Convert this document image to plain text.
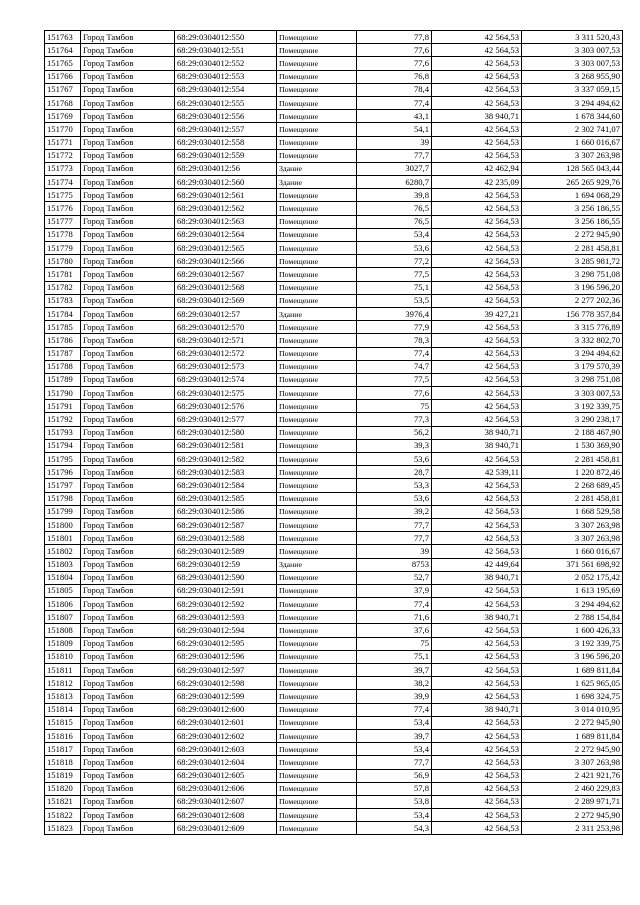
151763	Город Тамбов	68:29:0304012:550	Помещение	77,8	42 564,53	3 311 520,43
151764	Город Тамбов	68:29:0304012:551	Помещение	77,6	42 564,53	3 303 007,53
151765	Город Тамбов	68:29:0304012:552	Помещение	77,6	42 564,53	3 303 007,53
151766	Город Тамбов	68:29:0304012:553	Помещение	76,8	42 564,53	3 268 955,90
151767	Город Тамбов	68:29:0304012:554	Помещение	78,4	42 564,53	3 337 059,15
151768	Город Тамбов	68:29:0304012:555	Помещение	77,4	42 564,53	3 294 494,62
151769	Город Тамбов	68:29:0304012:556	Помещение	43,1	38 940,71	1 678 344,60
151770	Город Тамбов	68:29:0304012:557	Помещение	54,1	42 564,53	2 302 741,07
151771	Город Тамбов	68:29:0304012:558	Помещение	39	42 564,53	1 660 016,67
151772	Город Тамбов	68:29:0304012:559	Помещение	77,7	42 564,53	3 307 263,98
151773	Город Тамбов	68:29:0304012:56	Здание	3027,7	42 462,94	128 565 043,44
151774	Город Тамбов	68:29:0304012:560	Здание	6280,7	42 235,09	265 265 929,76
151775	Город Тамбов	68:29:0304012:561	Помещение	39,8	42 564,53	1 694 068,29
151776	Город Тамбов	68:29:0304012:562	Помещение	76,5	42 564,53	3 256 186,55
151777	Город Тамбов	68:29:0304012:563	Помещение	76,5	42 564,53	3 256 186,55
151778	Город Тамбов	68:29:0304012:564	Помещение	53,4	42 564,53	2 272 945,90
151779	Город Тамбов	68:29:0304012:565	Помещение	53,6	42 564,53	2 281 458,81
151780	Город Тамбов	68:29:0304012:566	Помещение	77,2	42 564,53	3 285 981,72
151781	Город Тамбов	68:29:0304012:567	Помещение	77,5	42 564,53	3 298 751,08
151782	Город Тамбов	68:29:0304012:568	Помещение	75,1	42 564,53	3 196 596,20
151783	Город Тамбов	68:29:0304012:569	Помещение	53,5	42 564,53	2 277 202,36
151784	Город Тамбов	68:29:0304012:57	Здание	3976,4	39 427,21	156 778 357,84
151785	Город Тамбов	68:29:0304012:570	Помещение	77,9	42 564,53	3 315 776,89
151786	Город Тамбов	68:29:0304012:571	Помещение	78,3	42 564,53	3 332 802,70
151787	Город Тамбов	68:29:0304012:572	Помещение	77,4	42 564,53	3 294 494,62
151788	Город Тамбов	68:29:0304012:573	Помещение	74,7	42 564,53	3 179 570,39
151789	Город Тамбов	68:29:0304012:574	Помещение	77,5	42 564,53	3 298 751,08
151790	Город Тамбов	68:29:0304012:575	Помещение	77,6	42 564,53	3 303 007,53
151791	Город Тамбов	68:29:0304012:576	Помещение	75	42 564,53	3 192 339,75
151792	Город Тамбов	68:29:0304012:577	Помещение	77,3	42 564,53	3 290 238,17
151793	Город Тамбов	68:29:0304012:580	Помещение	56,2	38 940,71	2 188 467,90
151794	Город Тамбов	68:29:0304012:581	Помещение	39,3	38 940,71	1 530 369,90
151795	Город Тамбов	68:29:0304012:582	Помещение	53,6	42 564,53	2 281 458,81
151796	Город Тамбов	68:29:0304012:583	Помещение	28,7	42 539,11	1 220 872,46
151797	Город Тамбов	68:29:0304012:584	Помещение	53,3	42 564,53	2 268 689,45
151798	Город Тамбов	68:29:0304012:585	Помещение	53,6	42 564,53	2 281 458,81
151799	Город Тамбов	68:29:0304012:586	Помещение	39,2	42 564,53	1 668 529,58
151800	Город Тамбов	68:29:0304012:587	Помещение	77,7	42 564,53	3 307 263,98
151801	Город Тамбов	68:29:0304012:588	Помещение	77,7	42 564,53	3 307 263,98
151802	Город Тамбов	68:29:0304012:589	Помещение	39	42 564,53	1 660 016,67
151803	Город Тамбов	68:29:0304012:59	Здание	8753	42 449,64	371 561 698,92
151804	Город Тамбов	68:29:0304012:590	Помещение	52,7	38 940,71	2 052 175,42
151805	Город Тамбов	68:29:0304012:591	Помещение	37,9	42 564,53	1 613 195,69
151806	Город Тамбов	68:29:0304012:592	Помещение	77,4	42 564,53	3 294 494,62
151807	Город Тамбов	68:29:0304012:593	Помещение	71,6	38 940,71	2 788 154,84
151808	Город Тамбов	68:29:0304012:594	Помещение	37,6	42 564,53	1 600 426,33
151809	Город Тамбов	68:29:0304012:595	Помещение	75	42 564,53	3 192 339,75
151810	Город Тамбов	68:29:0304012:596	Помещение	75,1	42 564,53	3 196 596,20
151811	Город Тамбов	68:29:0304012:597	Помещение	39,7	42 564,53	1 689 811,84
151812	Город Тамбов	68:29:0304012:598	Помещение	38,2	42 564,53	1 625 965,05
151813	Город Тамбов	68:29:0304012:599	Помещение	39,9	42 564,53	1 698 324,75
151814	Город Тамбов	68:29:0304012:600	Помещение	77,4	38 940,71	3 014 010,95
151815	Город Тамбов	68:29:0304012:601	Помещение	53,4	42 564,53	2 272 945,90
151816	Город Тамбов	68:29:0304012:602	Помещение	39,7	42 564,53	1 689 811,84
151817	Город Тамбов	68:29:0304012:603	Помещение	53,4	42 564,53	2 272 945,90
151818	Город Тамбов	68:29:0304012:604	Помещение	77,7	42 564,53	3 307 263,98
151819	Город Тамбов	68:29:0304012:605	Помещение	56,9	42 564,53	2 421 921,76
151820	Город Тамбов	68:29:0304012:606	Помещение	57,8	42 564,53	2 460 229,83
151821	Город Тамбов	68:29:0304012:607	Помещение	53,8	42 564,53	2 289 971,71
151822	Город Тамбов	68:29:0304012:608	Помещение	53,4	42 564,53	2 272 945,90
151823	Город Тамбов	68:29:0304012:609	Помещение	54,3	42 564,53	2 311 253,98
